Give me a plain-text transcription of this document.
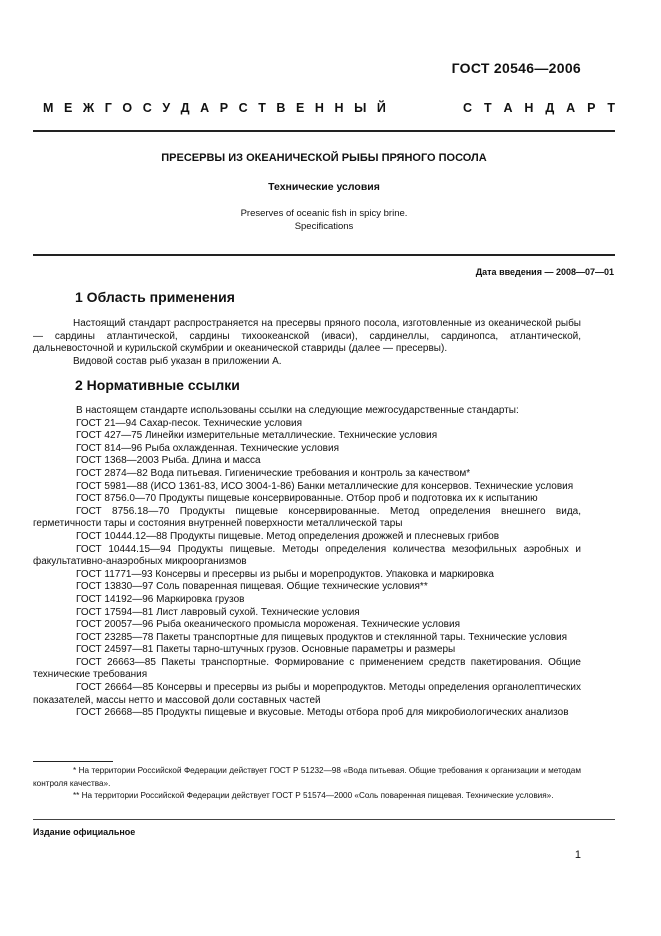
ГОСТ 20546—2006
М Е Ж Г О С У Д А Р С Т В Е Н Н Ы Й	С Т А Н Д А Р Т
ПРЕСЕРВЫ ИЗ ОКЕАНИЧЕСКОЙ РЫБЫ ПРЯНОГО ПОСОЛА
Технические условия
Preserves of oceanic fish in spicy brine.
Specifications
Дата введения — 2008—07—01
1 Область применения

Настоящий стандарт распространяется на пресервы пряного посола, изготовленные из океанической рыбы — сардины атлантической, сардины тихоокеанской (иваси), сардинеллы, сардинопса, атлантической, дальневосточной и курильской скумбрии и океанической ставриды (далее — пресервы).

Видовой состав рыб указан в приложении А.

2 Нормативные ссылки
В настоящем стандарте использованы ссылки на следующие межгосударственные стандарты:
ГОСТ 21—94 Сахар-песок. Технические условия
ГОСТ 427—75 Линейки измерительные металлические. Технические условия
ГОСТ 814—96 Рыба охлажденная. Технические условия
ГОСТ 1368—2003 Рыба. Длина и масса
ГОСТ 2874—82 Вода питьевая. Гигиенические требования и контроль за качеством*
ГОСТ 5981—88 (ИСО 1361-83, ИСО 3004-1-86) Банки металлические для консервов. Технические условия
ГОСТ 8756.0—70 Продукты пищевые консервированные. Отбор проб и подготовка их к испытанию
ГОСТ 8756.18—70 Продукты пищевые консервированные. Метод определения внешнего вида, герметичности тары и состояния внутренней поверхности металлической тары
ГОСТ 10444.12—88 Продукты пищевые. Метод определения дрожжей и плесневых грибов
ГОСТ 10444.15—94 Продукты пищевые. Методы определения количества мезофильных аэробных и факультативно-анаэробных микроорганизмов
ГОСТ 11771—93 Консервы и пресервы из рыбы и морепродуктов. Упаковка и маркировка
ГОСТ 13830—97 Соль поваренная пищевая. Общие технические условия**
ГОСТ 14192—96 Маркировка грузов
ГОСТ 17594—81 Лист лавровый сухой. Технические условия
ГОСТ 20057—96 Рыба океанического промысла мороженая. Технические условия
ГОСТ 23285—78 Пакеты транспортные для пищевых продуктов и стеклянной тары. Технические условия
ГОСТ 24597—81 Пакеты тарно-штучных грузов. Основные параметры и размеры
ГОСТ 26663—85 Пакеты транспортные. Формирование с применением средств пакетирования. Общие технические требования
ГОСТ 26664—85 Консервы и пресервы из рыбы и морепродуктов. Методы определения органолептических показателей, массы нетто и массовой доли составных частей
ГОСТ 26668—85 Продукты пищевые и вкусовые. Методы отбора проб для микробиологических анализов

* На территории Российской Федерации действует ГОСТ Р 51232—98 «Вода питьевая. Общие требования к организации и методам контроля качества».

** На территории Российской Федерации действует ГОСТ Р 51574—2000 «Соль поваренная пищевая. Технические условия».

Издание официальное
1
